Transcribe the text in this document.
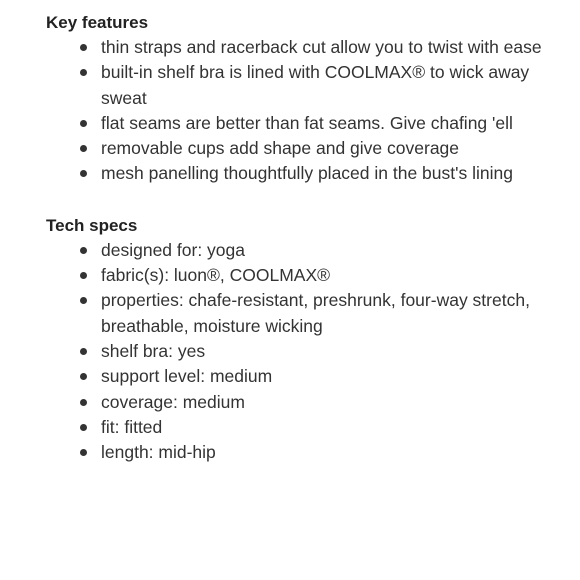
Key features
thin straps and racerback cut allow you to twist with ease
built-in shelf bra is lined with COOLMAX® to wick away sweat
flat seams are better than fat seams. Give chafing 'ell
removable cups add shape and give coverage
mesh panelling thoughtfully placed in the bust's lining
Tech specs
designed for: yoga
fabric(s): luon®, COOLMAX®
properties: chafe-resistant, preshrunk, four-way stretch, breathable, moisture wicking
shelf bra: yes
support level: medium
coverage: medium
fit: fitted
length: mid-hip
